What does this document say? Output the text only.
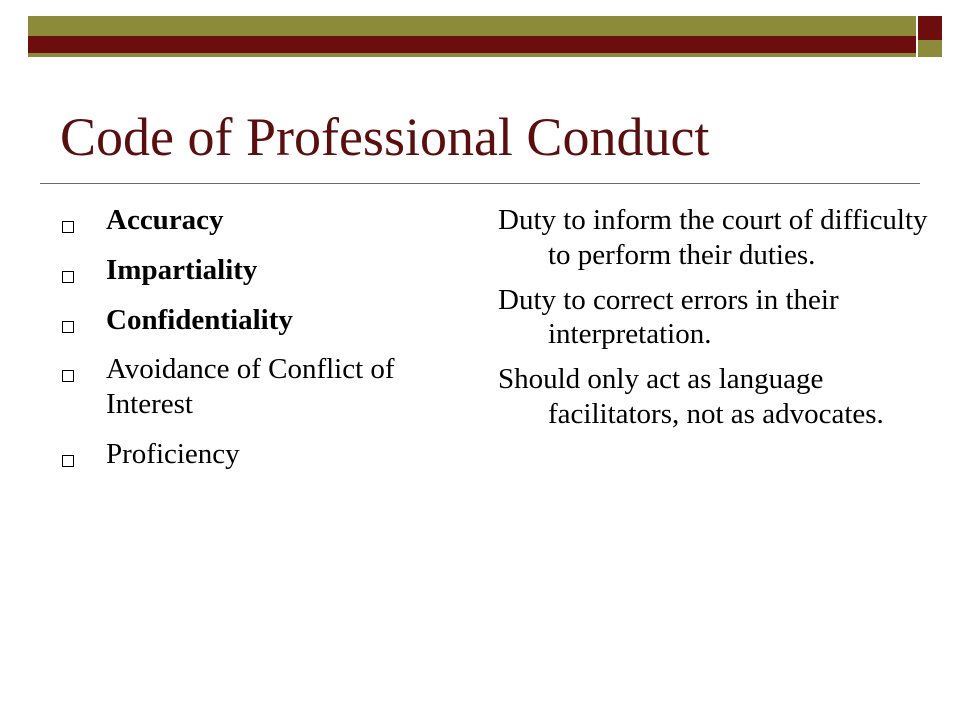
Code of Professional Conduct
Accuracy
Impartiality
Confidentiality
Avoidance of Conflict of Interest
Proficiency

Duty to inform the court of difficulty to perform their duties.

Duty to correct errors in their interpretation.

Should only act as language facilitators, not as advocates.
